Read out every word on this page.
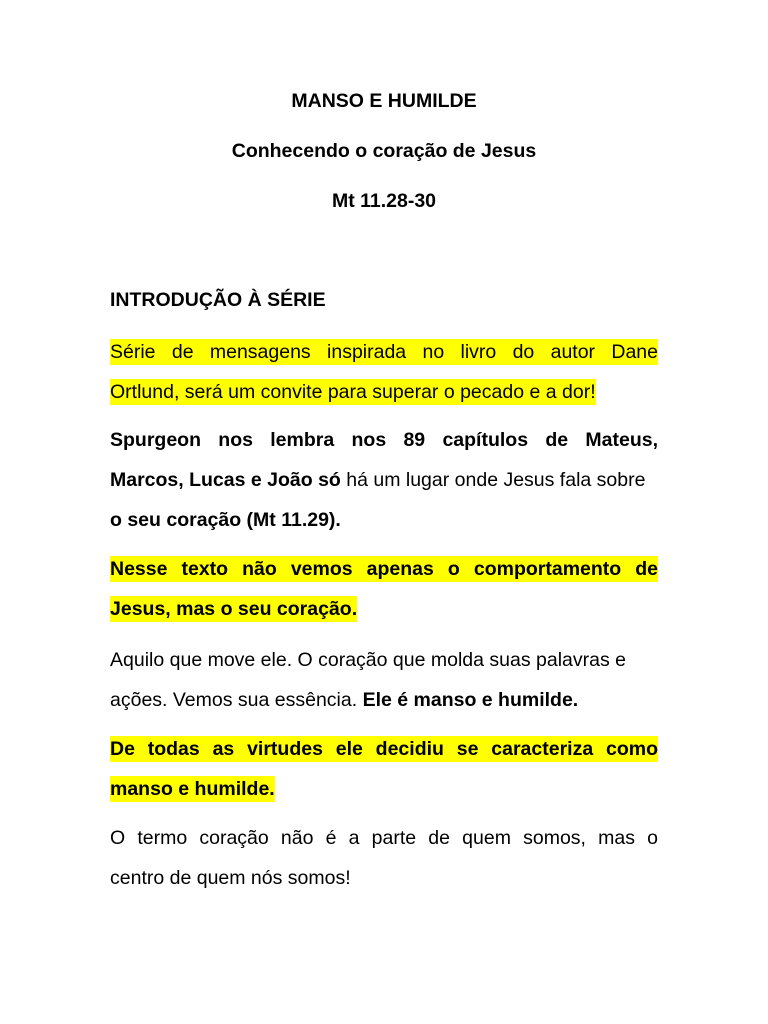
MANSO E HUMILDE
Conhecendo o coração de Jesus
Mt 11.28-30
INTRODUÇÃO À SÉRIE
Série de mensagens inspirada no livro do autor Dane
Ortlund, será um convite para superar o pecado e a dor!
Spurgeon nos lembra nos 89 capítulos de Mateus,
Marcos, Lucas e João só há um lugar onde Jesus fala sobre
o seu coração (Mt 11.29).
Nesse texto não vemos apenas o comportamento de
Jesus, mas o seu coração.
Aquilo que move ele. O coração que molda suas palavras e
ações. Vemos sua essência. Ele é manso e humilde.
De todas as virtudes ele decidiu se caracteriza como
manso e humilde.
O termo coração não é a parte de quem somos, mas o
centro de quem nós somos!
